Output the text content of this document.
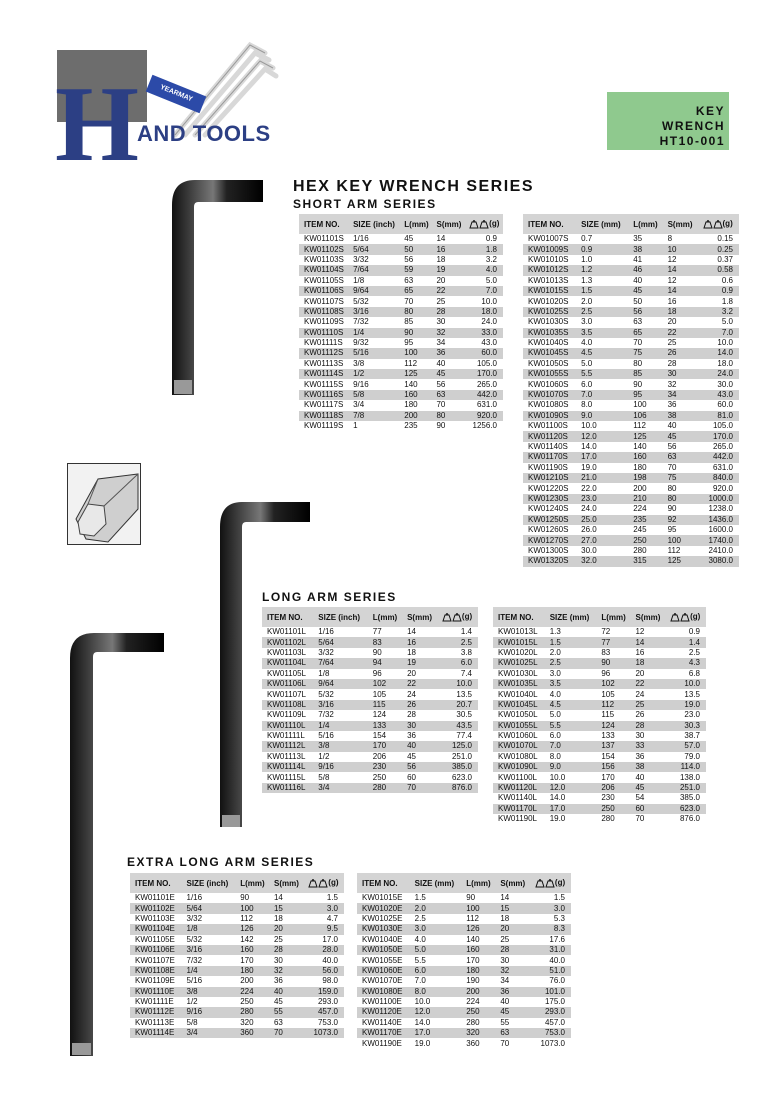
H	YEARMAY
AND TOOLS
KEY
WRENCH
HT10-001
HEX KEY WRENCH SERIES
SHORT ARM SERIES
LONG ARM SERIES
EXTRA LONG ARM SERIES
ITEM NO.	SIZE (inch)	L(mm)	S(mm)	(g)
KW01101S	1/16	45	14	0.9
KW01102S	5/64	50	16	1.8
KW01103S	3/32	56	18	3.2
KW01104S	7/64	59	19	4.0
KW01105S	1/8	63	20	5.0
KW01106S	9/64	65	22	7.0
KW01107S	5/32	70	25	10.0
KW01108S	3/16	80	28	18.0
KW01109S	7/32	85	30	24.0
KW01110S	1/4	90	32	33.0
KW01111S	9/32	95	34	43.0
KW01112S	5/16	100	36	60.0
KW01113S	3/8	112	40	105.0
KW01114S	1/2	125	45	170.0
KW01115S	9/16	140	56	265.0
KW01116S	5/8	160	63	442.0
KW01117S	3/4	180	70	631.0
KW01118S	7/8	200	80	920.0
KW01119S	1	235	90	1256.0
ITEM NO.	SIZE (mm)	L(mm)	S(mm)	(g)
KW01007S	0.7	35	8	0.15
KW01009S	0.9	38	10	0.25
KW01010S	1.0	41	12	0.37
KW01012S	1.2	46	14	0.58
KW01013S	1.3	40	12	0.6
KW01015S	1.5	45	14	0.9
KW01020S	2.0	50	16	1.8
KW01025S	2.5	56	18	3.2
KW01030S	3.0	63	20	5.0
KW01035S	3.5	65	22	7.0
KW01040S	4.0	70	25	10.0
KW01045S	4.5	75	26	14.0
KW01050S	5.0	80	28	18.0
KW01055S	5.5	85	30	24.0
KW01060S	6.0	90	32	30.0
KW01070S	7.0	95	34	43.0
KW01080S	8.0	100	36	60.0
KW01090S	9.0	106	38	81.0
KW01100S	10.0	112	40	105.0
KW01120S	12.0	125	45	170.0
KW01140S	14.0	140	56	265.0
KW01170S	17.0	160	63	442.0
KW01190S	19.0	180	70	631.0
KW01210S	21.0	198	75	840.0
KW01220S	22.0	200	80	920.0
KW01230S	23.0	210	80	1000.0
KW01240S	24.0	224	90	1238.0
KW01250S	25.0	235	92	1436.0
KW01260S	26.0	245	95	1600.0
KW01270S	27.0	250	100	1740.0
KW01300S	30.0	280	112	2410.0
KW01320S	32.0	315	125	3080.0
ITEM NO.	SIZE (inch)	L(mm)	S(mm)	(g)
KW01101L	1/16	77	14	1.4
KW01102L	5/64	83	16	2.5
KW01103L	3/32	90	18	3.8
KW01104L	7/64	94	19	6.0
KW01105L	1/8	96	20	7.4
KW01106L	9/64	102	22	10.0
KW01107L	5/32	105	24	13.5
KW01108L	3/16	115	26	20.7
KW01109L	7/32	124	28	30.5
KW01110L	1/4	133	30	43.5
KW01111L	5/16	154	36	77.4
KW01112L	3/8	170	40	125.0
KW01113L	1/2	206	45	251.0
KW01114L	9/16	230	56	385.0
KW01115L	5/8	250	60	623.0
KW01116L	3/4	280	70	876.0
ITEM NO.	SIZE (mm)	L(mm)	S(mm)	(g)
KW01013L	1.3	72	12	0.9
KW01015L	1.5	77	14	1.4
KW01020L	2.0	83	16	2.5
KW01025L	2.5	90	18	4.3
KW01030L	3.0	96	20	6.8
KW01035L	3.5	102	22	10.0
KW01040L	4.0	105	24	13.5
KW01045L	4.5	112	25	19.0
KW01050L	5.0	115	26	23.0
KW01055L	5.5	124	28	30.3
KW01060L	6.0	133	30	38.7
KW01070L	7.0	137	33	57.0
KW01080L	8.0	154	36	79.0
KW01090L	9.0	156	38	114.0
KW01100L	10.0	170	40	138.0
KW01120L	12.0	206	45	251.0
KW01140L	14.0	230	54	385.0
KW01170L	17.0	250	60	623.0
KW01190L	19.0	280	70	876.0
ITEM NO.	SIZE (inch)	L(mm)	S(mm)	(g)
KW01101E	1/16	90	14	1.5
KW01102E	5/64	100	15	3.0
KW01103E	3/32	112	18	4.7
KW01104E	1/8	126	20	9.5
KW01105E	5/32	142	25	17.0
KW01106E	3/16	160	28	28.0
KW01107E	7/32	170	30	40.0
KW01108E	1/4	180	32	56.0
KW01109E	5/16	200	36	98.0
KW01110E	3/8	224	40	159.0
KW01111E	1/2	250	45	293.0
KW01112E	9/16	280	55	457.0
KW01113E	5/8	320	63	753.0
KW01114E	3/4	360	70	1073.0
ITEM NO.	SIZE (mm)	L(mm)	S(mm)	(g)
KW01015E	1.5	90	14	1.5
KW01020E	2.0	100	15	3.0
KW01025E	2.5	112	18	5.3
KW01030E	3.0	126	20	8.3
KW01040E	4.0	140	25	17.6
KW01050E	5.0	160	28	31.0
KW01055E	5.5	170	30	40.0
KW01060E	6.0	180	32	51.0
KW01070E	7.0	190	34	76.0
KW01080E	8.0	200	36	101.0
KW01100E	10.0	224	40	175.0
KW01120E	12.0	250	45	293.0
KW01140E	14.0	280	55	457.0
KW01170E	17.0	320	63	753.0
KW01190E	19.0	360	70	1073.0
